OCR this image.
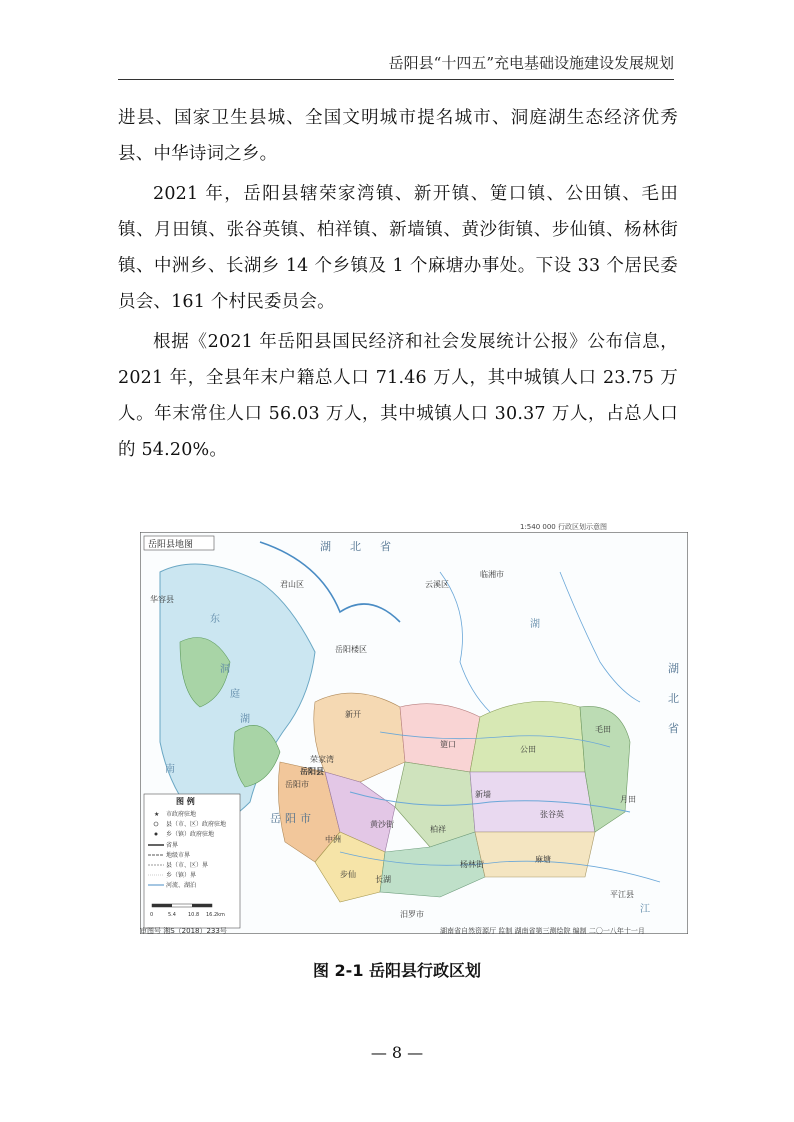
岳阳县“十四五”充电基础设施建设发展规划

进县、国家卫生县城、全国文明城市提名城市、洞庭湖生态经济优秀县、中华诗词之乡。

2021 年，岳阳县辖荣家湾镇、新开镇、筻口镇、公田镇、毛田镇、月田镇、张谷英镇、柏祥镇、新墙镇、黄沙街镇、步仙镇、杨林街镇、中洲乡、长湖乡 14 个乡镇及 1 个麻塘办事处。下设 33 个居民委员会、161 个村民委员会。

根据《2021 年岳阳县国民经济和社会发展统计公报》公布信息，2021 年，全县年末户籍总人口 71.46 万人，其中城镇人口 23.75 万人。年末常住人口 56.03 万人，其中城镇人口 30.37 万人，占总人口的 54.20%。

1:540 000 行政区划示意图
岳阳县地图
岳阳市
湖 北 省
湖
北
省
君山区
岳阳楼区
云溪区
临湘市
荣家湾
岳阳县
新开
筻口
公田
毛田
月田
张谷英
柏祥
新墙
黄沙街
步仙
杨林街
中洲
长湖
麻塘
平江县
汨罗市
华容县
岳 阳 市
东
洞
庭
湖
南
湖
江
图 例
★ 市政府驻地
县（市、区）政府驻地
乡（镇）政府驻地
省界
地级市界
县（市、区）界
乡（镇）界
河流、湖泊
0	5.4 10.8 16.2km
审图号 湘S（2018）233号	湖南省自然资源厅 监制 湖南省第三测绘院 编制 二〇一八年十一月
图 2-1 岳阳县行政区划
— 8 —
